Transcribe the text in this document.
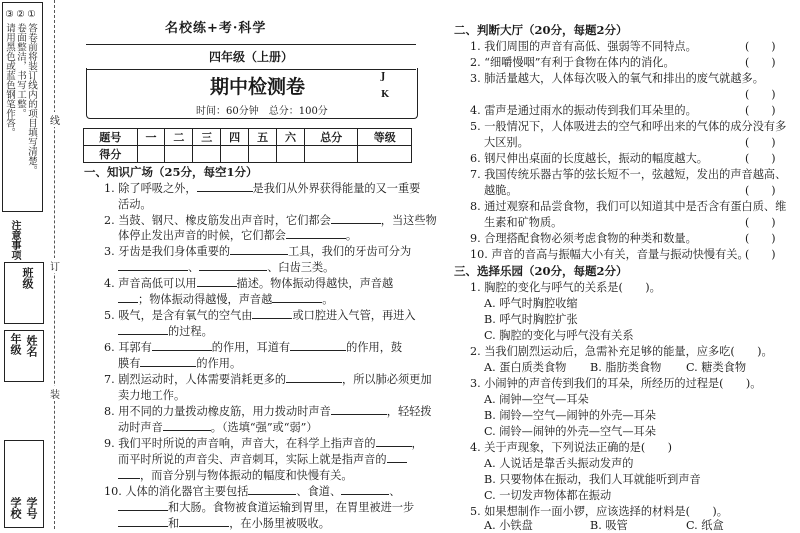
① 答卷前将装订线内的项目填写清楚。
② 卷面整洁，书写工整。
③ 请用黑色或蓝色钢笔作答。
注意事项
班级
年级 姓名
学校 学号
线
订
装
名校练+考·科学
四年级（上册）
期中检测卷	J
K
时间：60分钟　总分：100分
题号	一	二	三	四	五	六	总分	等级
得分								
一、知识广场（25分，每空1分）
1. 除了呼吸之外，	是我们从外界获得能量的又一重要
活动。
2. 当鼓、钢尺、橡皮筋发出声音时，它们都会	，当这些物
体停止发出声音的时候，它们都会	。
3. 牙齿是我们身体重要的	工具，我们的牙齿可分为
、	、臼齿三类。
4. 声音高低可以用	描述。物体振动得越快，声音越
；物体振动得越慢，声音越	。
5. 吸气，是含有氧气的空气由	或口腔进入气管，再进入
的过程。
6. 耳郭有	的作用，耳道有	的作用，鼓
膜有	的作用。
7. 剧烈运动时，人体需要消耗更多的	，所以肺必须更加
卖力地工作。
8. 用不同的力量拨动橡皮筋，用力拨动时声音	，轻轻拨
动时声音	。（选填“强”或“弱”）
9. 我们平时所说的声音响，声音大，在科学上指声音的	，
而平时所说的声音尖、声音刺耳，实际上就是指声音的
，而音分别与物体振动的幅度和快慢有关。
10. 人体的消化器官主要包括	、食道、	、
和大肠。食物被食道运输到胃里，在胃里被进一步
和	，在小肠里被吸收。
二、判断大厅（20分，每题2分）
1. 我们周围的声音有高低、强弱等不同特点。	(　　)
2. “细嚼慢咽”有利于食物在体内的消化。	(　　)
3. 肺活量越大，人体每次吸入的氧气和排出的废气就越多。
(　　)
4. 雷声是通过雨水的振动传到我们耳朵里的。	(　　)
5. 一般情况下，人体吸进去的空气和呼出来的气体的成分没有多
大区别。	(　　)
6. 钢尺伸出桌面的长度越长，振动的幅度越大。	(　　)
7. 我国传统乐器古筝的弦长短不一，弦越短，发出的声音越高、
越脆。	(　　)
8. 通过观察和品尝食物，我们可以知道其中是否含有蛋白质、维
生素和矿物质。	(　　)
9. 合理搭配食物必须考虑食物的种类和数量。	(　　)
10. 声音的音高与振幅大小有关，音量与振动快慢有关。
(　　)
三、选择乐园（20分，每题2分）
1. 胸腔的变化与呼气的关系是(　　)。
A. 呼气时胸腔收缩
B. 呼气时胸腔扩张
C. 胸腔的变化与呼气没有关系
2. 当我们剧烈运动后，急需补充足够的能量，应多吃(　　)。
A. 蛋白质类食物 B. 脂肪类食物 C. 糖类食物
3. 小闹钟的声音传到我们的耳朵，所经历的过程是(　　)。
A. 闹钟—空气—耳朵
B. 闹铃—空气—闹钟的外壳—耳朵
C. 闹铃—闹钟的外壳—空气—耳朵
4. 关于声现象，下列说法正确的是(　　)
A. 人说话是靠舌头振动发声的
B. 只要物体在振动，我们人耳就能听到声音
C. 一切发声物体都在振动
5. 如果想制作一面小锣，应该选择的材料是(　　)。
A. 小铁盘	B. 吸管	C. 纸盒
